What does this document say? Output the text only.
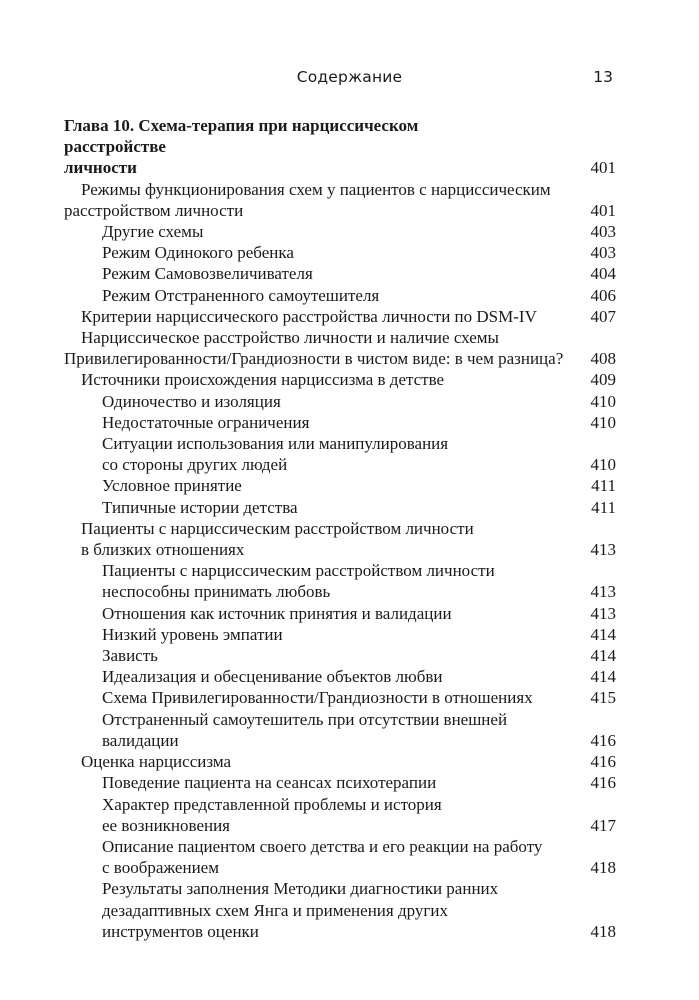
Содержание	13
Глава 10. Схема-терапия при нарциссическом расстройстве
личности	401
Режимы функционирования схем у пациентов с нарциссическим
расстройством личности	401
Другие схемы	403
Режим Одинокого ребенка	403
Режим Самовозвеличивателя	404
Режим Отстраненного самоутешителя	406
Критерии нарциссического расстройства личности по DSM-IV	407
Нарциссическое расстройство личности и наличие схемы
Привилегированности/Грандиозности в чистом виде: в чем разница?	408
Источники происхождения нарциссизма в детстве	409
Одиночество и изоляция	410
Недостаточные ограничения	410
Ситуации использования или манипулирования
со стороны других людей	410
Условное принятие	411
Типичные истории детства	411
Пациенты с нарциссическим расстройством личности
в близких отношениях	413
Пациенты с нарциссическим расстройством личности
неспособны принимать любовь	413
Отношения как источник принятия и валидации	413
Низкий уровень эмпатии	414
Зависть	414
Идеализация и обесценивание объектов любви	414
Схема Привилегированности/Грандиозности в отношениях	415
Отстраненный самоутешитель при отсутствии внешней валидации	416
Оценка нарциссизма	416
Поведение пациента на сеансах психотерапии	416
Характер представленной проблемы и история
ее возникновения	417
Описание пациентом своего детства и его реакции на работу
с воображением	418
Результаты заполнения Методики диагностики ранних
дезадаптивных схем Янга и применения других
инструментов оценки	418
